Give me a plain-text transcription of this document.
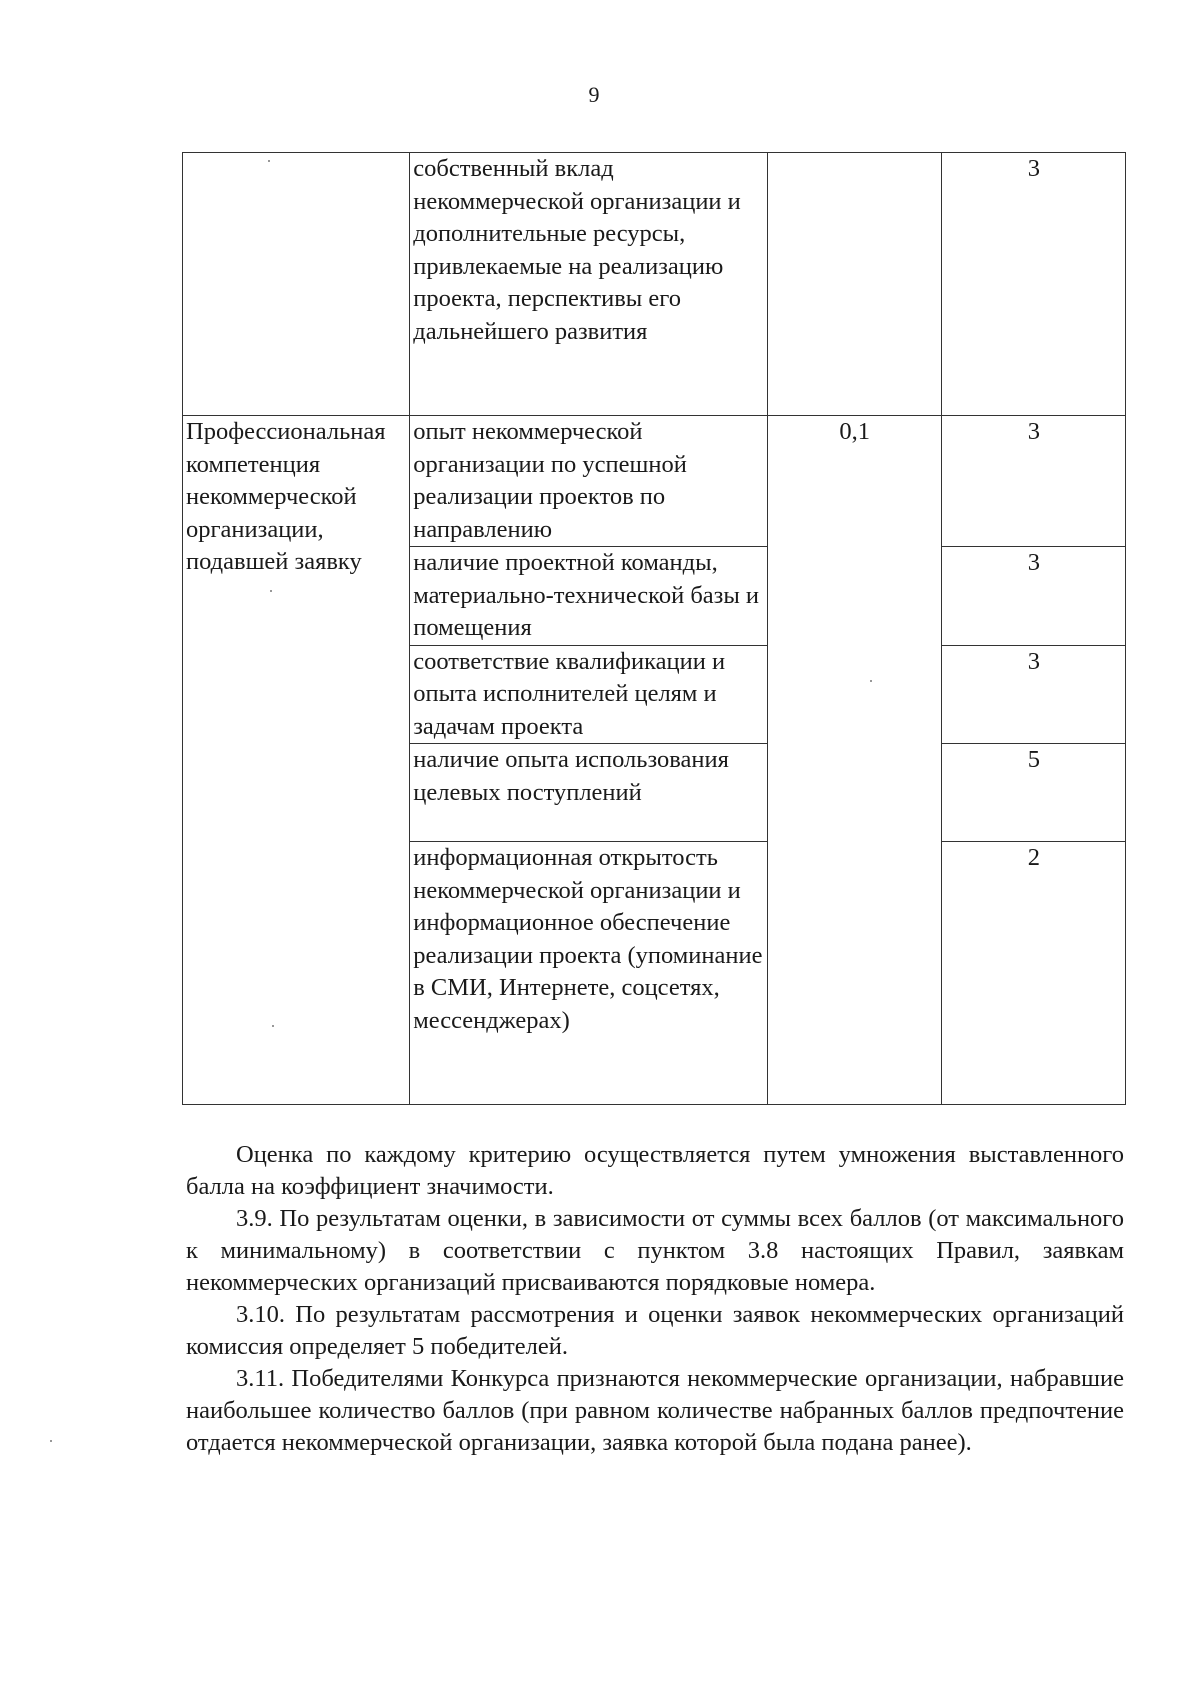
9
	собственный вклад некоммерческой организации и дополнительные ресурсы, привлекаемые на реализацию проекта, перспективы его дальнейшего развития		3
Профессиональная компетенция некоммерческой организации, подавшей заявку	опыт некоммерческой организации по успешной реализации проектов по направлению	0,1	3
	наличие проектной команды, материально-технической базы и помещения		3
	соответствие квалификации и опыта исполнителей целям и задачам проекта		3
	наличие опыта использования целевых поступлений		5
	информационная открытость некоммерческой организации и информационное обеспечение реализации проекта (упоминание в СМИ, Интернете, соцсетях, мессенджерах)		2

Оценка по каждому критерию осуществляется путем умножения выставленного балла на коэффициент значимости.

3.9. По результатам оценки, в зависимости от суммы всех баллов (от максимального к минимальному) в соответствии с пунктом 3.8 настоящих Правил, заявкам некоммерческих организаций присваиваются порядковые номера.

3.10. По результатам рассмотрения и оценки заявок некоммерческих организаций комиссия определяет 5 победителей.

3.11. Победителями Конкурса признаются некоммерческие организации, набравшие наибольшее количество баллов (при равном количестве набранных баллов предпочтение отдается некоммерческой организации, заявка которой была подана ранее).
